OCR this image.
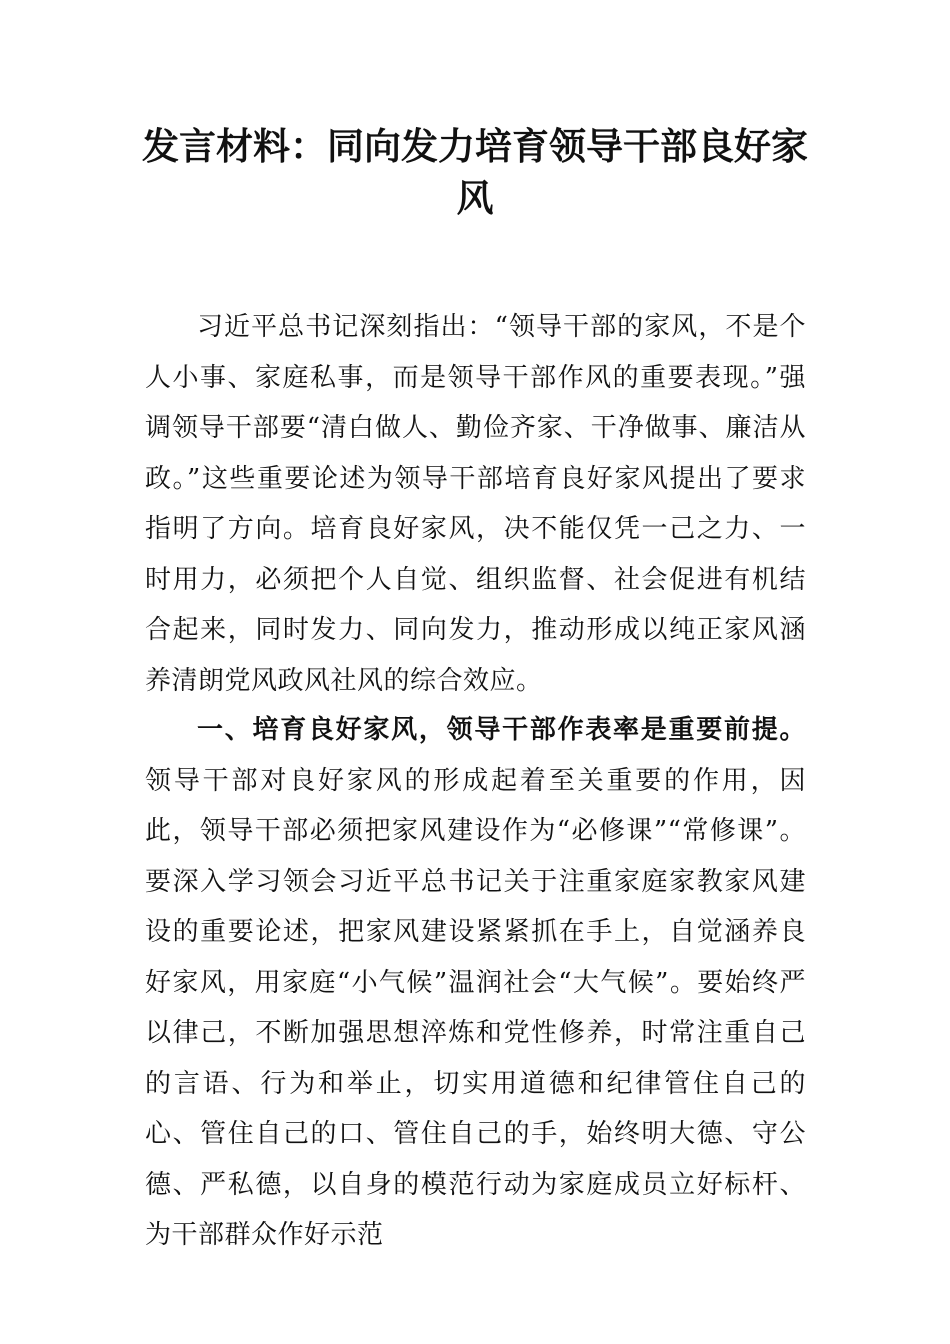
发言材料：同向发力培育领导干部良好家风

习近平总书记深刻指出：“领导干部的家风，不是个人小事、家庭私事，而是领导干部作风的重要表现。”强调领导干部要“清白做人、勤俭齐家、干净做事、廉洁从政。”这些重要论述为领导干部培育良好家风提出了要求指明了方向。培育良好家风，决不能仅凭一己之力、一时用力，必须把个人自觉、组织监督、社会促进有机结合起来，同时发力、同向发力，推动形成以纯正家风涵养清朗党风政风社风的综合效应。

一、培育良好家风，领导干部作表率是重要前提。领导干部对良好家风的形成起着至关重要的作用，因此，领导干部必须把家风建设作为“必修课”“常修课”。要深入学习领会习近平总书记关于注重家庭家教家风建设的重要论述，把家风建设紧紧抓在手上，自觉涵养良好家风，用家庭“小气候”温润社会“大气候”。要始终严以律己，不断加强思想淬炼和党性修养，时常注重自己的言语、行为和举止，切实用道德和纪律管住自己的心、管住自己的口、管住自己的手，始终明大德、守公德、严私德，以自身的模范行动为家庭成员立好标杆、为干部群众作好示范
